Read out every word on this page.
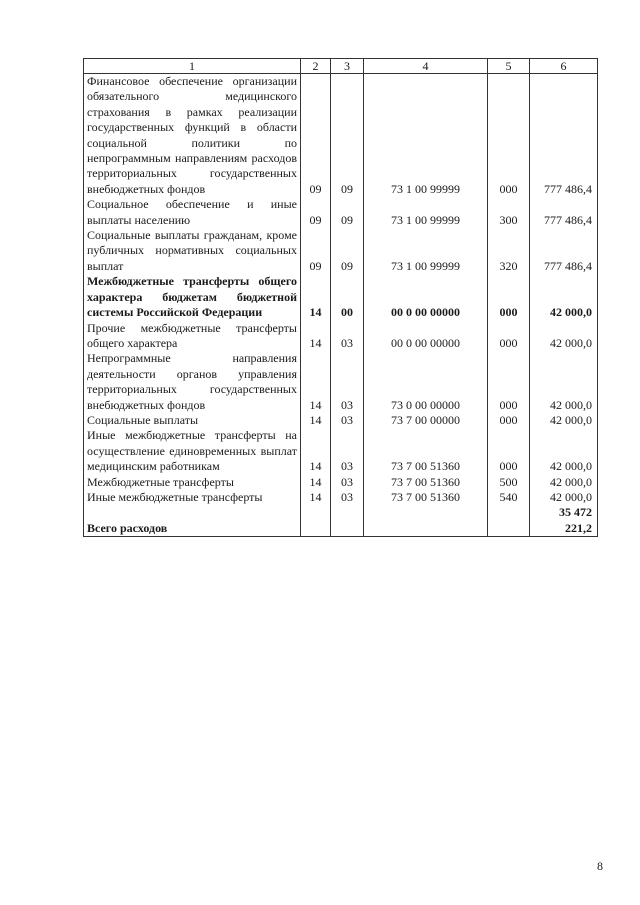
1	2	3	4	5	6
Финансовое обеспечение организации обязательного медицинского страхования в рамках реализации государственных функций в области социальной политики по непрограммным направлениям расходов территориальных государственных внебюджетных фондов	09	09	73 1 00 99999	000	777 486,4
Социальное обеспечение и иные выплаты населению	09	09	73 1 00 99999	300	777 486,4
Социальные выплаты гражданам, кроме публичных нормативных социальных выплат	09	09	73 1 00 99999	320	777 486,4
Межбюджетные трансферты общего характера бюджетам бюджетной системы Российской Федерации	14	00	00 0 00 00000	000	42 000,0
Прочие межбюджетные трансферты общего характера	14	03	00 0 00 00000	000	42 000,0
Непрограммные направления деятельности органов управления территориальных государственных внебюджетных фондов	14	03	73 0 00 00000	000	42 000,0
Социальные выплаты	14	03	73 7 00 00000	000	42 000,0
Иные межбюджетные трансферты на осуществление единовременных выплат медицинским работникам	14	03	73 7 00 51360	000	42 000,0
Межбюджетные трансферты	14	03	73 7 00 51360	500	42 000,0
Иные межбюджетные трансферты	14	03	73 7 00 51360	540	42 000,0
Всего расходов					35 472 221,2
8
